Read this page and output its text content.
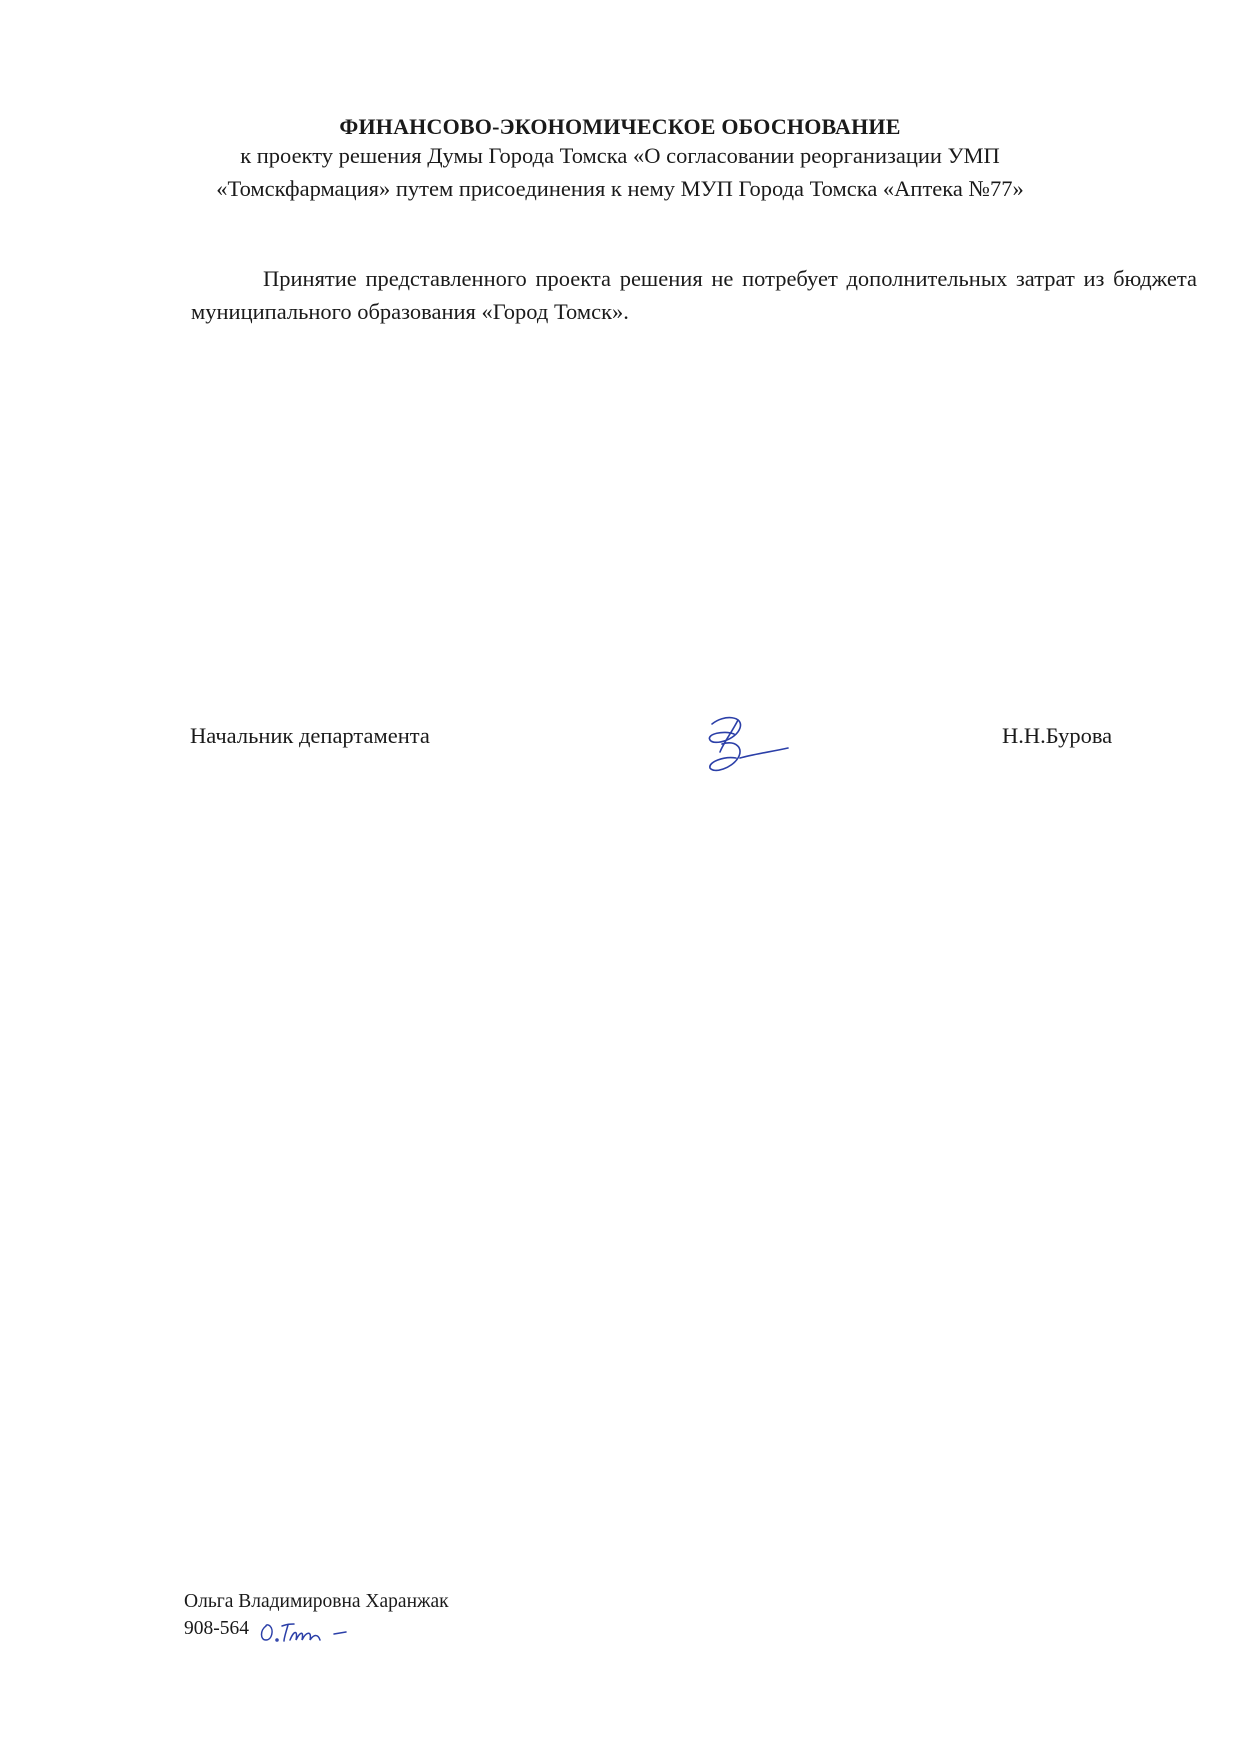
ФИНАНСОВО-ЭКОНОМИЧЕСКОЕ ОБОСНОВАНИЕ
к проекту решения Думы Города Томска «О согласовании реорганизации УМП
«Томскфармация» путем присоединения к нему МУП Города Томска «Аптека №77»
Принятие представленного проекта решения не потребует дополнительных затрат из бюджета муниципального образования «Город Томск».
Начальник департамента	Н.Н.Бурова
Ольга Владимировна Харанжак
908-564
